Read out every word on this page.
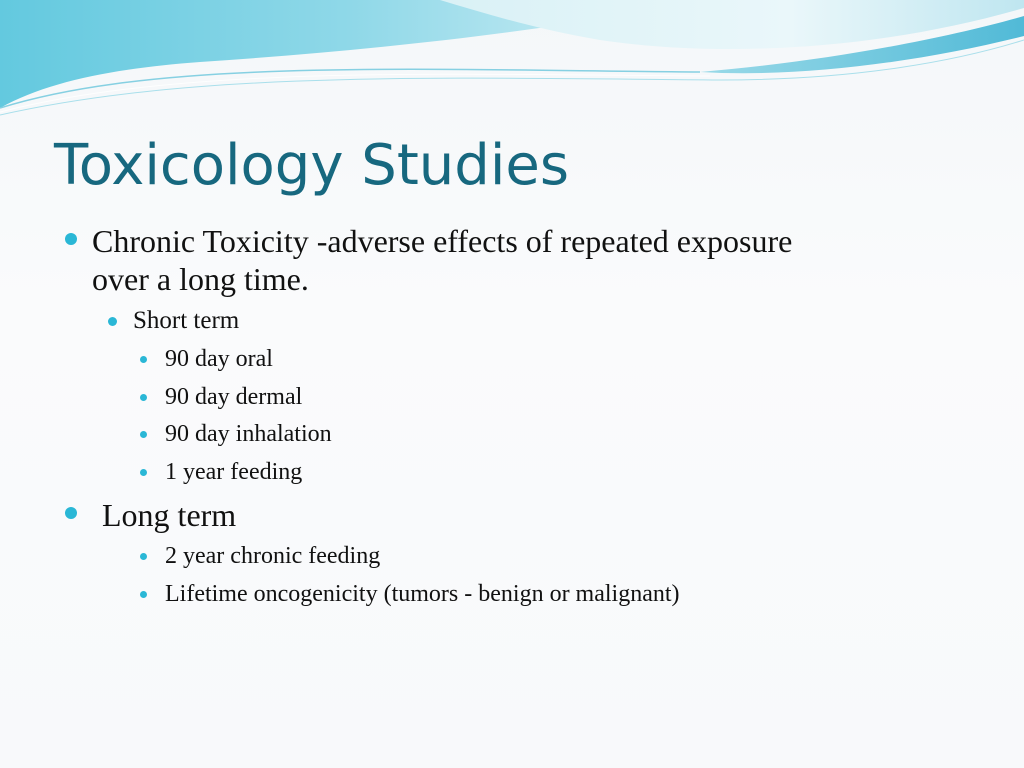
Toxicology Studies
Chronic Toxicity -adverse effects of repeated exposure
over a long time.
Short term
90 day oral
90 day dermal
90 day inhalation
1 year feeding
Long term
2 year chronic feeding
Lifetime oncogenicity (tumors - benign or malignant)
